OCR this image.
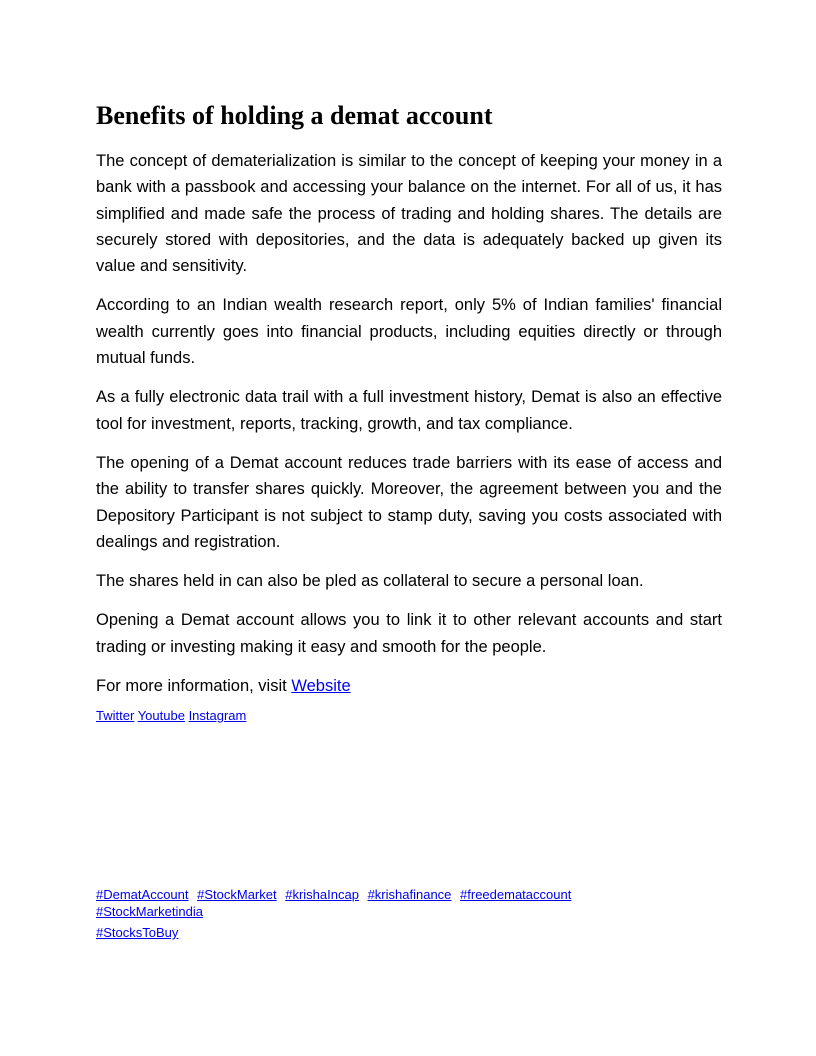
Benefits of holding a demat account

The concept of dematerialization is similar to the concept of keeping your money in a bank with a passbook and accessing your balance on the internet. For all of us, it has simplified and made safe the process of trading and holding shares. The details are securely stored with depositories, and the data is adequately backed up given its value and sensitivity.

According to an Indian wealth research report, only 5% of Indian families' financial wealth currently goes into financial products, including equities directly or through mutual funds.

As a fully electronic data trail with a full investment history, Demat is also an effective tool for investment, reports, tracking, growth, and tax compliance.

The opening of a Demat account reduces trade barriers with its ease of access and the ability to transfer shares quickly. Moreover, the agreement between you and the Depository Participant is not subject to stamp duty, saving you costs associated with dealings and registration.

The shares held in can also be pled as collateral to secure a personal loan.

Opening a Demat account allows you to link it to other relevant accounts and start trading or investing making it easy and smooth for the people.

For more information, visit Website

Twitter Youtube Instagram

#DematAccount #StockMarket #krishaIncap #krishafinance #freedemataccount
#StockMarketindia
#StocksToBuy
